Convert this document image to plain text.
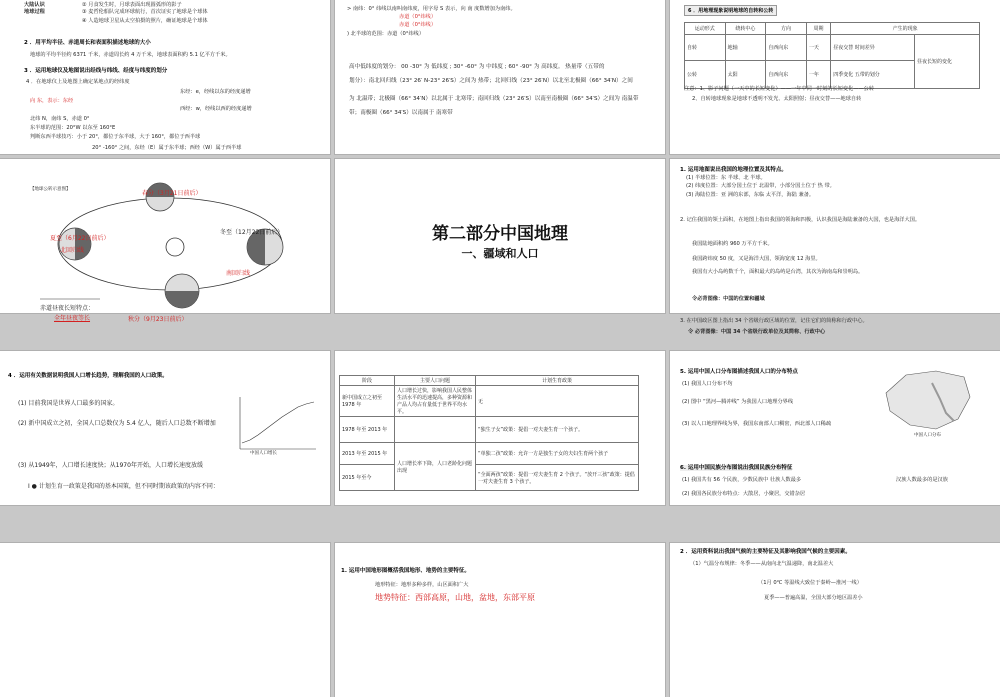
大陆认识	② 月食发生时，月球表面出现圆弧形的影子
地球过程	③ 麦哲伦船队完成环球航行，首次证实了地球是个球体
④ 人造地球卫星从太空拍摄的照片，确证地球是个球体
2 ．用平均半径、赤道周长和表面积描述地球的大小
地球的平均半径约 6371 千米，赤道周长约 4 万千米，地球表面积约 5.1 亿平方千米。
3 ．运用地球仪及地图说出经线与纬线、经度与纬度的划分
4 ．在地球仪上及地图上确定某地点的经纬度
东经：e，经线以东的经度递增
向 东，表示：东经
西经：w，经线以西的经度递增
北纬 N，南纬 S，赤道 0°
东半球的范围：20°W 以东至 160°E
判断东西半球技巧：小于 20°，都位于东半球，大于 160°，都位于西半球
20° -160° 之间，东经（E）属于东半球；西经（W）属于西半球
> 南纬：0° 纬线以南叫南纬度，用字母 S 表示，向 南 度数增加为南纬。
赤道（0°纬线）
赤道（0°纬线）
) 北半球的范围：赤道（0°纬线）
高中低纬度的划分： 00 -30° 为 低纬度 ; 30° -60° 为 中纬度 ; 60° -90° 为 高纬度。 热量带（五带的
划分）：南北回归线（23° 26′ N-23° 26′S）之间为 热带；北回归线（23° 26′N）以北至北极圈（66° 34′N）之间
为 北温带；北极圈（66° 34′N）以北属于 北寒带；南回归线（23° 26′S）以南至南极圈（66° 34′S）之间为 南温带
带；南极圈（66° 34′S）以南属于 南寒带
6 ．用地理现象说明地球的自转和公转
运动形式	绕转中心	方向	周期	产生的现象	
自转	地轴	自西向东	一天	昼夜交替 时间差异	昼夜长短的变化
公转	太阳	自西向东	一年	四季变化 五带的划分	
注意：1、影子问题（一天中的长短变化）——一年中同一时刻的长短变化——公转
2、自转地球现象是地球不透明不发光、太阳照射；昼夜交替——地球自转
【地球公转示意图】
春分（3月21日前后）
夏至（6月22日前后）
北回归线
冬至（12月22日前后）
南回归线
秋分（9月23日前后）
赤道昼夜长短特点：
全年昼夜等长
第二部分中国地理
一、疆域和人口
1. 运用地图说出我国的地理位置及其特点。
(1) 半球位置：东 半球、北 半球。
(2) 纬度位置：大部分国土位于 北温带，小部分国土位于 热 带。
(3) 海陆位置：亚 洲的东部，东临 太平洋，海陆 兼备。
2. 记住我国的领土面积，在地图上指出我国的领海和四极，认识我国是海陆兼备的大国，也是海洋大国。
我国陆地面积约 960 万平方千米。
我国跨纬度 50 度，又是海洋大国，领海宽度 12 海里。
我国有大小岛屿数千个，面积最大的岛屿是台湾，其次为海南岛和崇明岛。
令必背图像：中国的位置和疆域
3. 在中国政区图上指出 34 个省级行政区域的位置，记住它们的简称和行政中心。
令 必背图像：中国 34 个省级行政单位及其简称、行政中心
4 ．运用有关数据说明我国人口增长趋势，理解我国的人口政策。
(1) 目前我国是世界人口最多的国家。
(2) 新中国成立之初，全国人口总数仅为 5.4 亿人，随后人口总数不断增加
(3) 从1949年，人口增长速度快；从1970年开始，人口增长速度放缓
I ● 计划生育一政策是我国的基本国策，但不同时期该政策的内容不同：
中国人口增长
阶段	主要人口问题	计划生育政策
新中国成立之初至 1978 年	人口增长过快，影响我国人民整体生活水平的迅速提高，多种资源和产品人均占有量低于世界平均水平。	无
1978 年至 2013 年		“独生子女”政策：提倡一对夫妻生育一个孩子。
2013 年至 2015 年	人口增长率下降，人口老龄化问题出现	“单独二孩”政策：允许一方是独生子女的夫妇生育两个孩子
2015 年至今		“全面两孩”政策：提倡一对夫妻生育 2 个孩子。“放开三孩”政策：提倡一对夫妻生育 3 个孩子。
5. 运用中国人口分布图描述我国人口的分布特点
(1) 我国人口分布不均
(2) 图中 “黑河—腾冲线” 为我国人口地理分界线
(3) 以人口地理界线为界，我国东南部人口稠密，西北部人口稀疏
中国人口分布
6. 运用中国民族分布图说出我国民族分布特征
(1) 我国共有 56 个民族，少数民族中 壮族人数最多	汉族人数最多的是汉族
(2) 我国各民族分布特点：大散居，小聚居，交错杂居
1. 运用中国地形图概括我国地形、地势的主要特征。
地形特征：地形多种多样，山区面积广大
地势特征：西部高原，山地，盆地，东部平原
2 ．运用资料说出我国气候的主要特征及其影响我国气候的主要因素。
（1）气温分布规律：冬季——从南向北气温递降，南北温差大
（1月 0℃ 等温线大致位于秦岭—淮河一线）
夏季——普遍高温，全国大部分地区温差小
